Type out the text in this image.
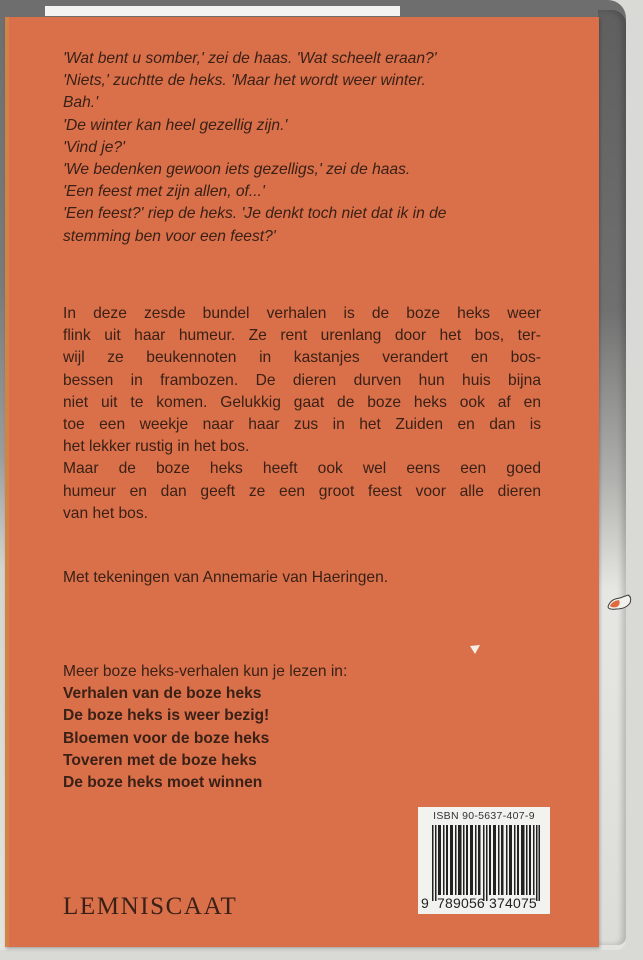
'Wat bent u somber,' zei de haas. 'Wat scheelt eraan?'
'Niets,' zuchtte de heks. 'Maar het wordt weer winter.
Bah.'
'De winter kan heel gezellig zijn.'
'Vind je?'
'We bedenken gewoon iets gezelligs,' zei de haas.
'Een feest met zijn allen, of...'
'Een feest?' riep de heks. 'Je denkt toch niet dat ik in de
stemming ben voor een feest?'
In deze zesde bundel verhalen is de boze heks weer
flink uit haar humeur. Ze rent urenlang door het bos, ter-
wijl ze beukennoten in kastanjes verandert en bos-
bessen in frambozen. De dieren durven hun huis bijna
niet uit te komen. Gelukkig gaat de boze heks ook af en
toe een weekje naar haar zus in het Zuiden en dan is
het lekker rustig in het bos.
Maar de boze heks heeft ook wel eens een goed
humeur en dan geeft ze een groot feest voor alle dieren
van het bos.
Met tekeningen van Annemarie van Haeringen.
Meer boze heks-verhalen kun je lezen in:
Verhalen van de boze heks
De boze heks is weer bezig!
Bloemen voor de boze heks
Toveren met de boze heks
De boze heks moet winnen
LEMNISCAAT
ISBN 90-5637-407-9
9 789056 374075
